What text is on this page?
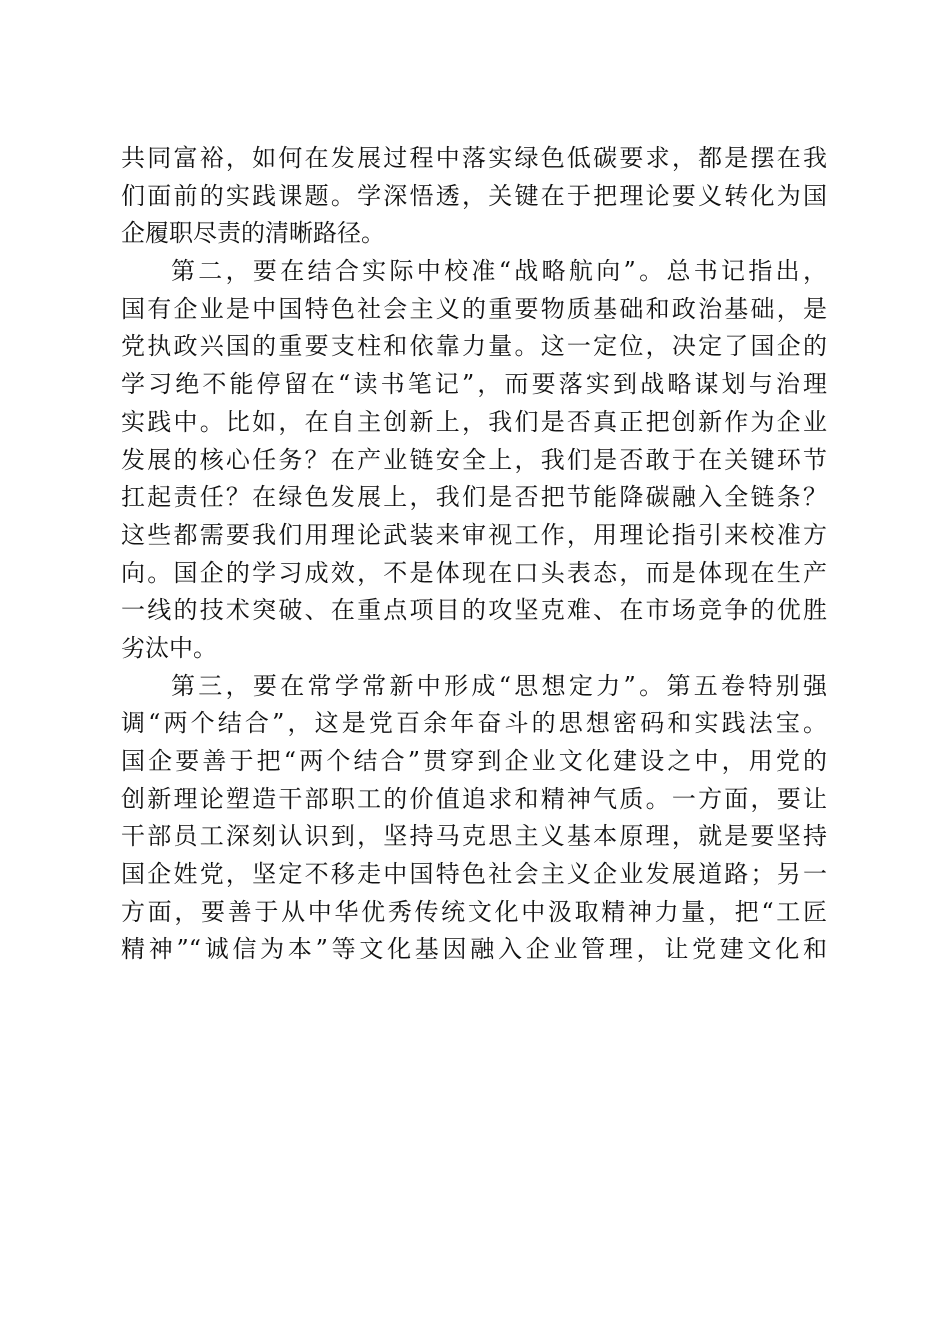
共同富裕，如何在发展过程中落实绿色低碳要求，都是摆在我
们面前的实践课题。学深悟透，关键在于把理论要义转化为国
企履职尽责的清晰路径。
第二，要在结合实际中校准“战略航向”。总书记指出，
国有企业是中国特色社会主义的重要物质基础和政治基础，是
党执政兴国的重要支柱和依靠力量。这一定位，决定了国企的
学习绝不能停留在“读书笔记”，而要落实到战略谋划与治理
实践中。比如，在自主创新上，我们是否真正把创新作为企业
发展的核心任务？在产业链安全上，我们是否敢于在关键环节
扛起责任？在绿色发展上，我们是否把节能降碳融入全链条？
这些都需要我们用理论武装来审视工作，用理论指引来校准方
向。国企的学习成效，不是体现在口头表态，而是体现在生产
一线的技术突破、在重点项目的攻坚克难、在市场竞争的优胜
劣汰中。
第三，要在常学常新中形成“思想定力”。第五卷特别强
调“两个结合”，这是党百余年奋斗的思想密码和实践法宝。
国企要善于把“两个结合”贯穿到企业文化建设之中，用党的
创新理论塑造干部职工的价值追求和精神气质。一方面，要让
干部员工深刻认识到，坚持马克思主义基本原理，就是要坚持
国企姓党，坚定不移走中国特色社会主义企业发展道路；另一
方面，要善于从中华优秀传统文化中汲取精神力量，把“工匠
精神”“诚信为本”等文化基因融入企业管理，让党建文化和
